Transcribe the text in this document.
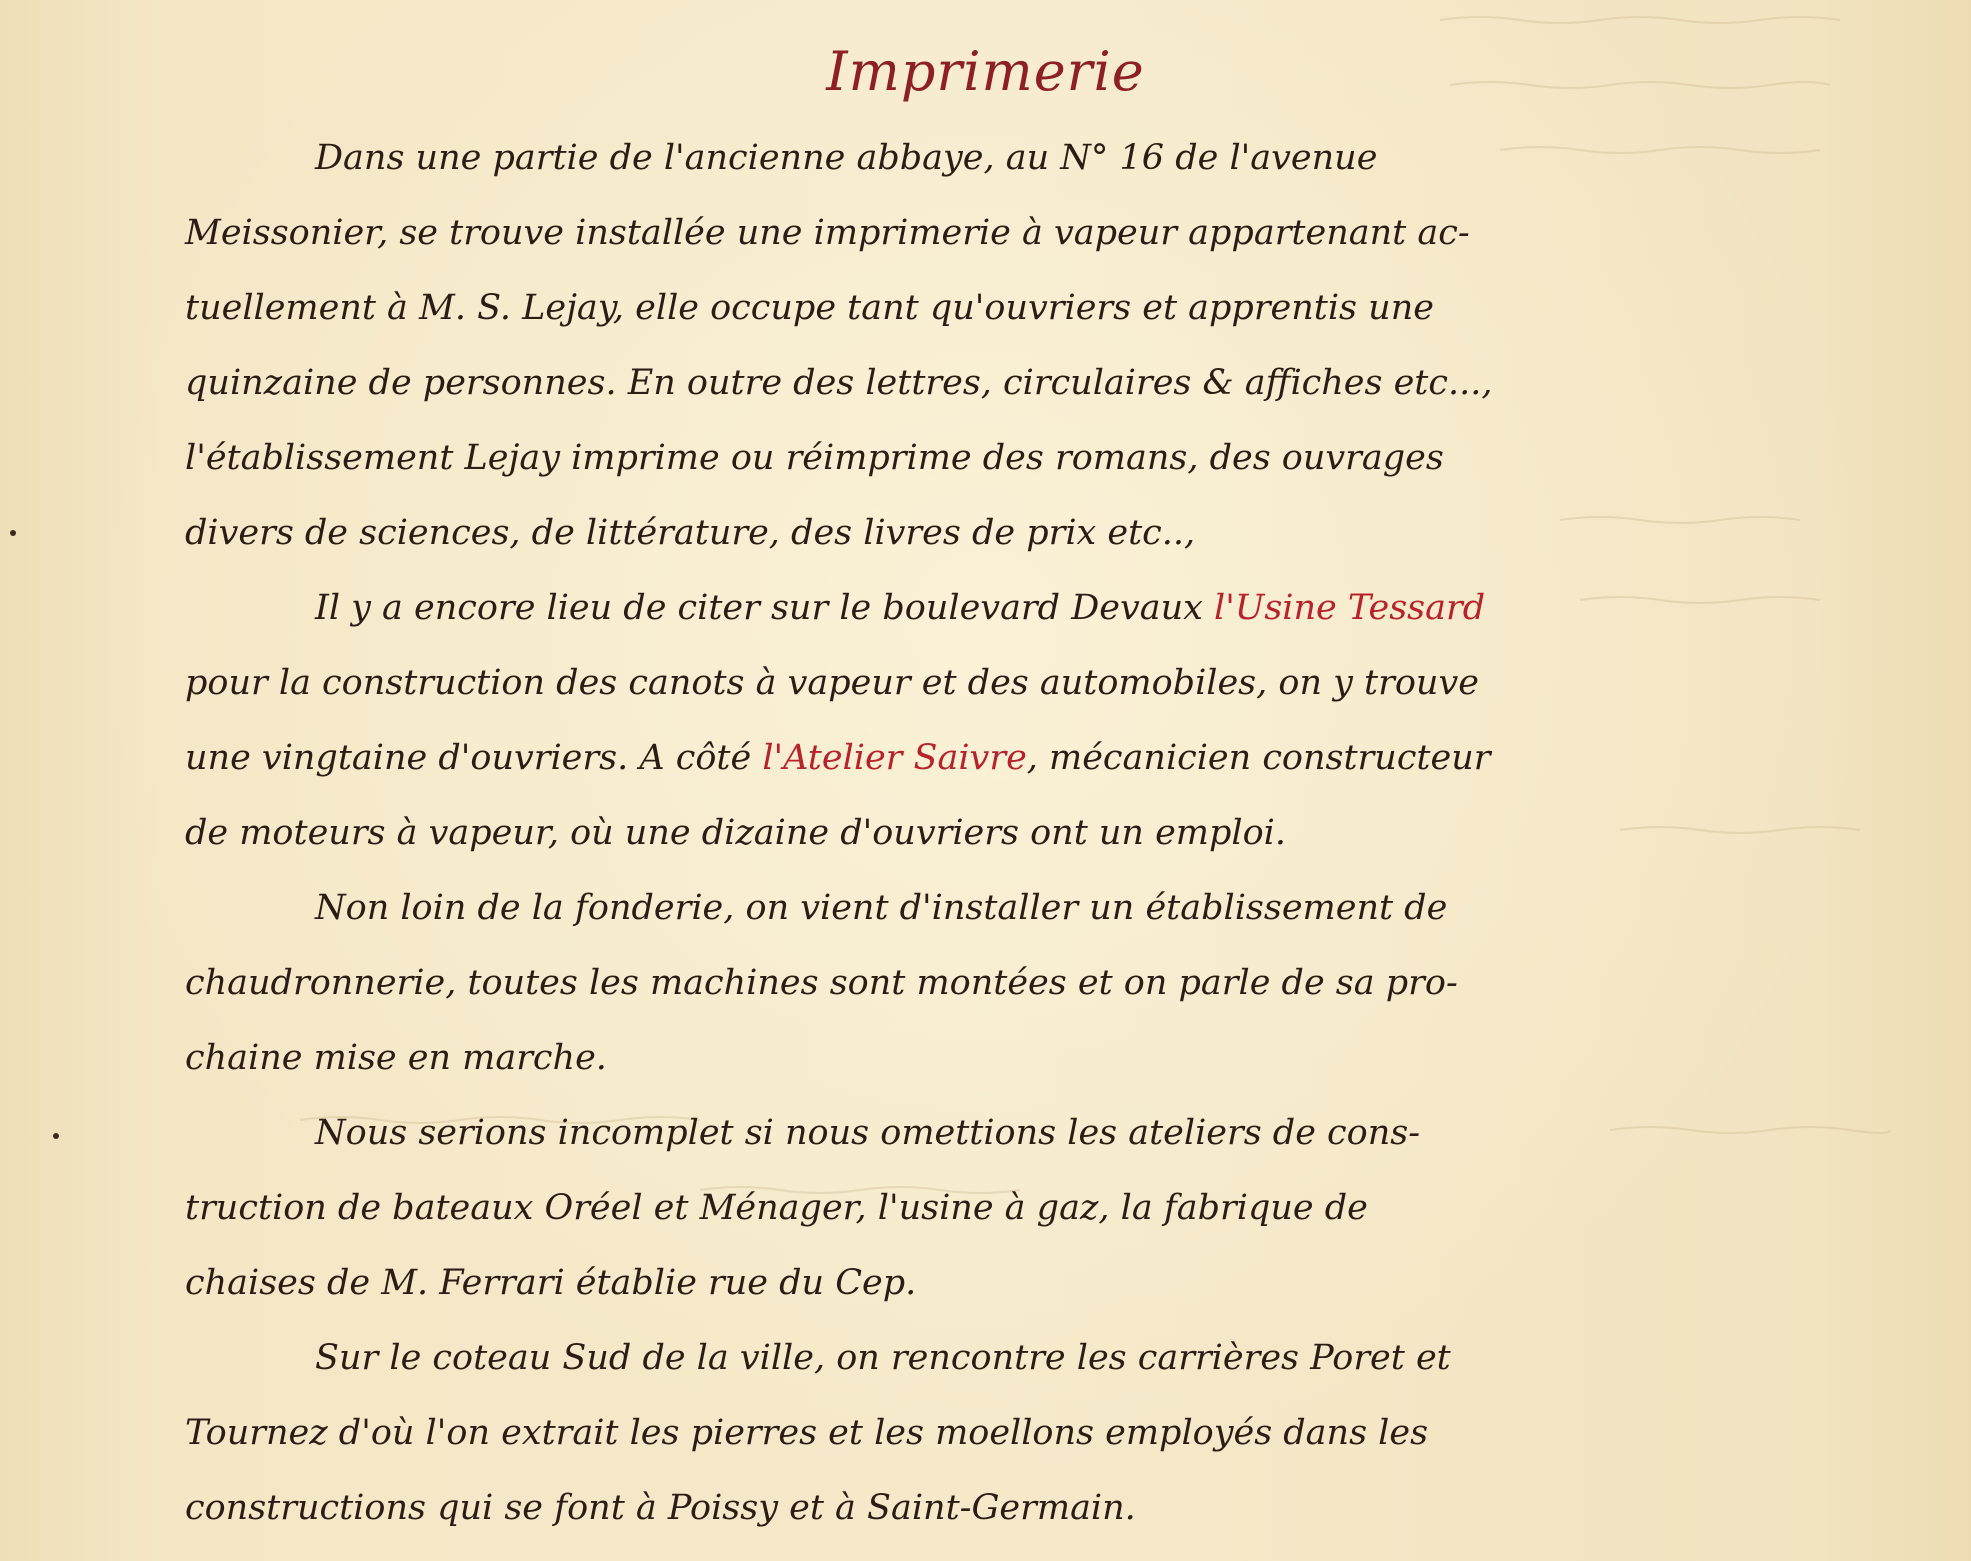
Imprimerie
Dans une partie de l'ancienne abbaye, au N° 16 de l'avenue
Meissonier, se trouve installée une imprimerie à vapeur appartenant ac-
tuellement à M. S. Lejay, elle occupe tant qu'ouvriers et apprentis une
quinzaine de personnes. En outre des lettres, circulaires & affiches etc...,
l'établissement Lejay imprime ou réimprime des romans, des ouvrages
divers de sciences, de littérature, des livres de prix etc..,
Il y a encore lieu de citer sur le boulevard Devaux l'Usine Tessard
pour la construction des canots à vapeur et des automobiles, on y trouve
une vingtaine d'ouvriers. A côté l'Atelier Saivre, mécanicien constructeur
de moteurs à vapeur, où une dizaine d'ouvriers ont un emploi.
Non loin de la fonderie, on vient d'installer un établissement de
chaudronnerie, toutes les machines sont montées et on parle de sa pro-
chaine mise en marche.
Nous serions incomplet si nous omettions les ateliers de cons-
truction de bateaux Oréel et Ménager, l'usine à gaz, la fabrique de
chaises de M. Ferrari établie rue du Cep.
Sur le coteau Sud de la ville, on rencontre les carrières Poret et
Tournez d'où l'on extrait les pierres et les moellons employés dans les
constructions qui se font à Poissy et à Saint-Germain.
